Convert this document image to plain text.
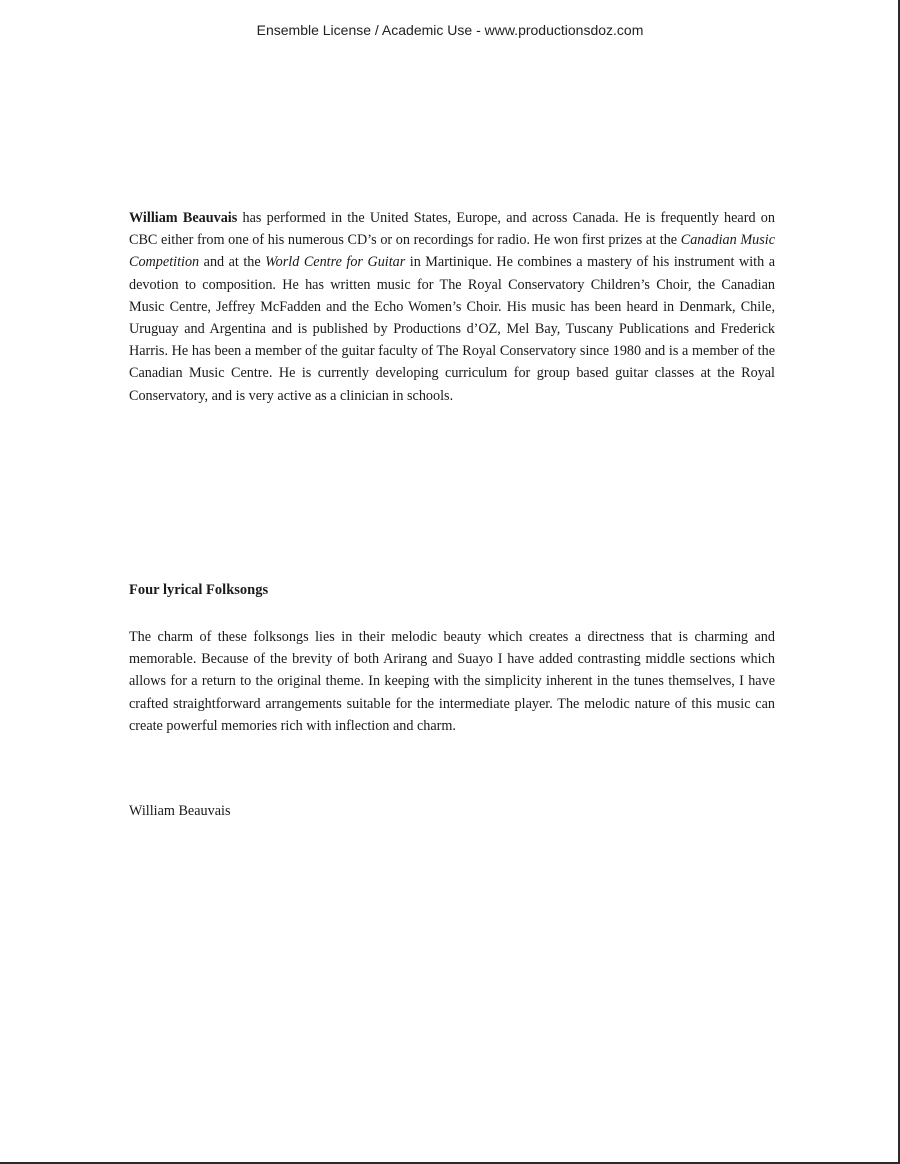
Ensemble License / Academic Use - www.productionsdoz.com

William Beauvais has performed in the United States, Europe, and across Canada. He is frequently heard on CBC either from one of his numerous CD’s or on recordings for radio. He won first prizes at the Canadian Music Competition and at the World Centre for Guitar in Martinique. He combines a mastery of his instrument with a devotion to composition. He has written music for The Royal Conservatory Children’s Choir, the Canadian Music Centre, Jeffrey McFadden and the Echo Women’s Choir. His music has been heard in Denmark, Chile, Uruguay and Argentina and is published by Productions d’OZ, Mel Bay, Tuscany Publications and Frederick Harris. He has been a member of the guitar faculty of The Royal Conservatory since 1980 and is a member of the Canadian Music Centre. He is currently developing curriculum for group based guitar classes at the Royal Conservatory, and is very active as a clinician in schools.

Four lyrical Folksongs

The charm of these folksongs lies in their melodic beauty which creates a directness that is charming and memorable. Because of the brevity of both Arirang and Suayo I have added contrasting middle sections which allows for a return to the original theme. In keeping with the simplicity inherent in the tunes themselves, I have crafted straightforward arrangements suitable for the intermediate player. The melodic nature of this music can create powerful memories rich with inflection and charm.

William Beauvais
